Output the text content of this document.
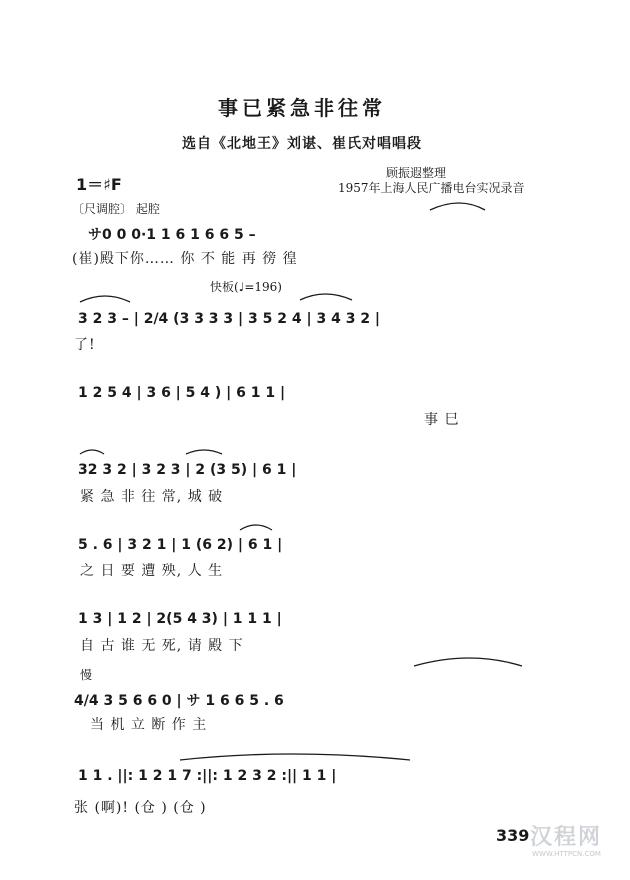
事已紧急非往常
选自《北地王》刘谌、崔氏对唱唱段
1＝♯F
顾振遐整理
1957年上海人民广播电台实况录音
〔尺调腔〕 起腔
サ0 0 0·1 1 6 1 6 6 5 –
(崔)殿下你…… 你 不 能 再 徬 徨
快板(♩=196)
3 2 3 – | 2/4 (3 3 3 3 | 3 5 2 4 | 3 4 3 2 |
了!
1 2 5 4 | 3 6 | 5 4 ) | 6 1 1 |
事 巳
32 3 2 | 3 2 3 | 2 (3 5) | 6 1 |
紧 急 非 往 常, 城 破
5 . 6 | 3 2 1 | 1 (6 2) | 6 1 |
之 日 要 遭 殃, 人 生
1 3 | 1 2 | 2(5 4 3) | 1 1 1 |
自 古 谁 无 死, 请 殿 下
慢
4/4 3 5 6 6 0 | サ 1 6 6 5 . 6
当 机 立 断 作 主
1 1 . ||: 1 2 1 7 :||: 1 2 3 2 :|| 1 1 |
张 (啊)! (仓 ) (仓 )
339 汉程网
WWW.HTTPCN.COM
